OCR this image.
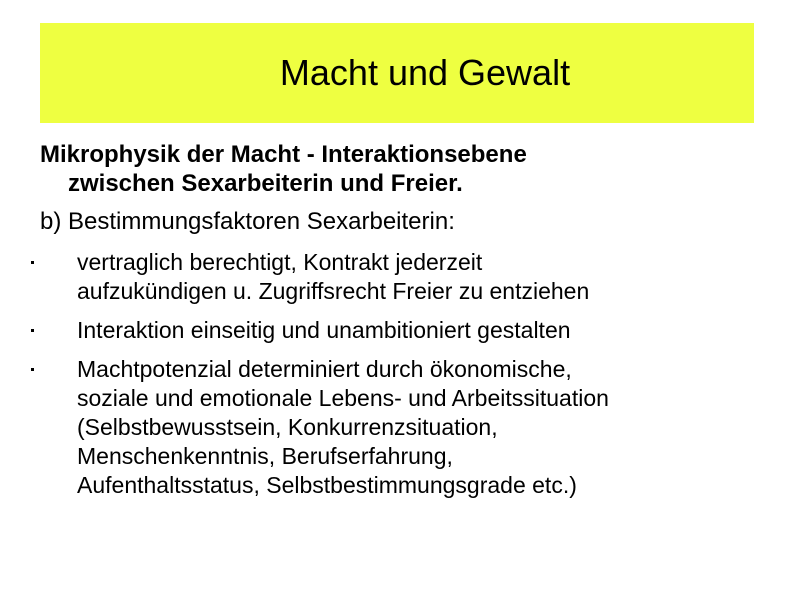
Macht und Gewalt

Mikrophysik der Macht - Interaktionsebene
zwischen Sexarbeiterin und Freier.

b) Bestimmungsfaktoren Sexarbeiterin:

vertraglich berechtigt, Kontrakt jederzeit
aufzukündigen u. Zugriffsrecht Freier zu entziehen
Interaktion einseitig und unambitioniert gestalten
Machtpotenzial determiniert durch ökonomische,
soziale und emotionale Lebens- und Arbeitssituation
(Selbstbewusstsein, Konkurrenzsituation,
Menschenkenntnis, Berufserfahrung,
Aufenthaltsstatus, Selbstbestimmungsgrade etc.)
